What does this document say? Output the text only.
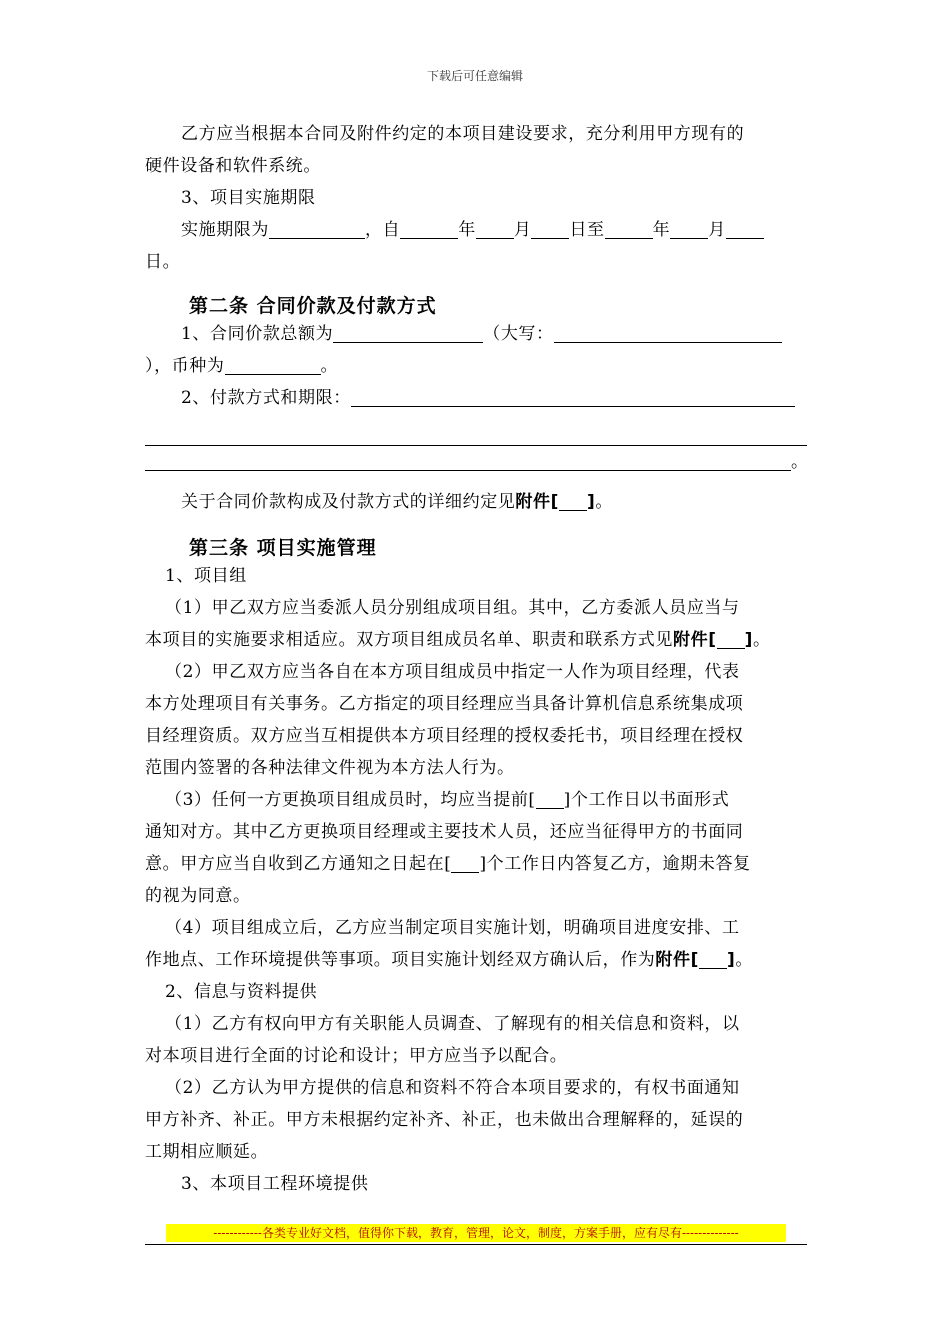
下载后可任意编辑

乙方应当根据本合同及附件约定的本项目建设要求，充分利用甲方现有的

硬件设备和软件系统。

3、项目实施期限

实施期限为	，自	年 月 日至	年 月

日。

第二条 合同价款及付款方式

1、合同价款总额为	（大写：

），币种为	。

2、付款方式和期限：

。

关于合同价款构成及付款方式的详细约定见附件[ ]。

第三条 项目实施管理

1、项目组

（1）甲乙双方应当委派人员分别组成项目组。其中，乙方委派人员应当与

本项目的实施要求相适应。双方项目组成员名单、职责和联系方式见附件[ ]。

（2）甲乙双方应当各自在本方项目组成员中指定一人作为项目经理，代表

本方处理项目有关事务。乙方指定的项目经理应当具备计算机信息系统集成项

目经理资质。双方应当互相提供本方项目经理的授权委托书，项目经理在授权

范围内签署的各种法律文件视为本方法人行为。

（3）任何一方更换项目组成员时，均应当提前[ ]个工作日以书面形式

通知对方。其中乙方更换项目经理或主要技术人员，还应当征得甲方的书面同

意。甲方应当自收到乙方通知之日起在[ ]个工作日内答复乙方，逾期未答复

的视为同意。

（4）项目组成立后，乙方应当制定项目实施计划，明确项目进度安排、工

作地点、工作环境提供等事项。项目实施计划经双方确认后，作为附件[ ]。

2、信息与资料提供

（1）乙方有权向甲方有关职能人员调查、了解现有的相关信息和资料，以

对本项目进行全面的讨论和设计；甲方应当予以配合。

（2）乙方认为甲方提供的信息和资料不符合本项目要求的，有权书面通知

甲方补齐、补正。甲方未根据约定补齐、补正，也未做出合理解释的，延误的

工期相应顺延。

3、本项目工程环境提供

------------各类专业好文档，值得你下载，教育，管理，论文，制度，方案手册，应有尽有--------------
